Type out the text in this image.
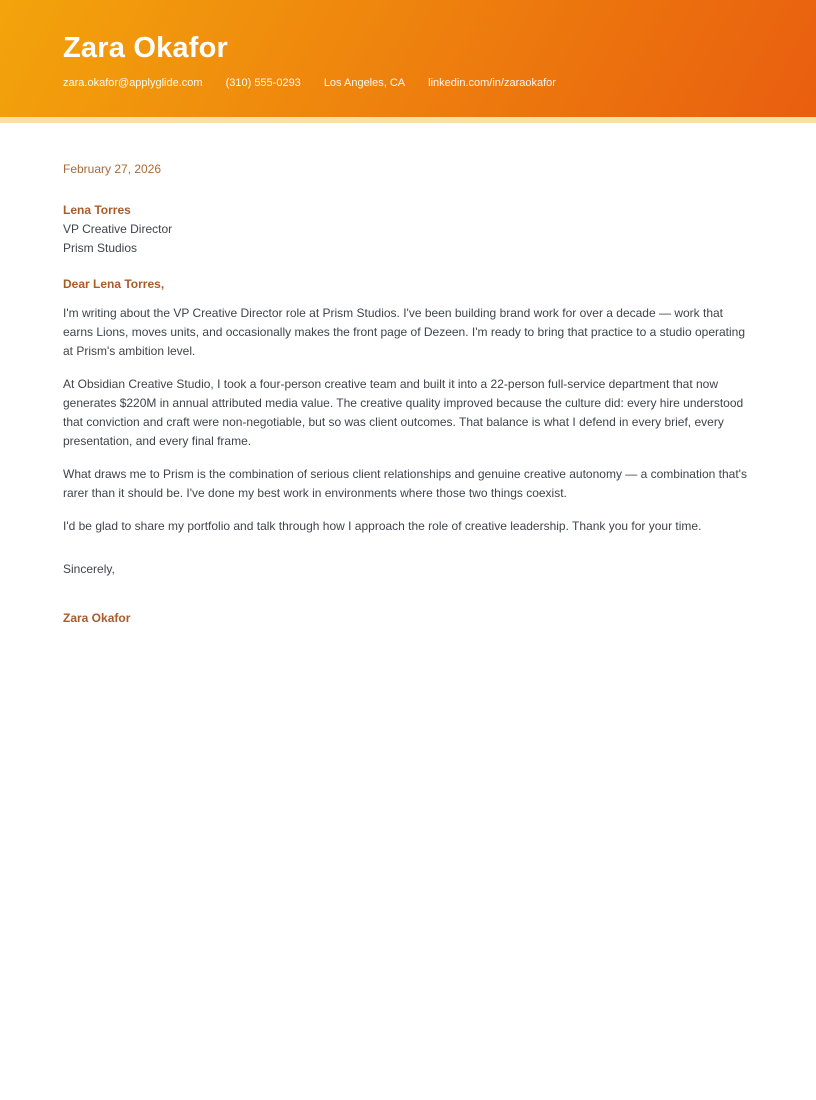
Zara Okafor
zara.okafor@applyglide.com (310) 555-0293 Los Angeles, CA linkedin.com/in/zaraokafor

February 27, 2026

Lena Torres

VP Creative Director

Prism Studios

Dear Lena Torres,

I'm writing about the VP Creative Director role at Prism Studios. I've been building brand work for over a decade — work that earns Lions, moves units, and occasionally makes the front page of Dezeen. I'm ready to bring that practice to a studio operating at Prism's ambition level.

At Obsidian Creative Studio, I took a four-person creative team and built it into a 22-person full-service department that now generates $220M in annual attributed media value. The creative quality improved because the culture did: every hire understood that conviction and craft were non-negotiable, but so was client outcomes. That balance is what I defend in every brief, every presentation, and every final frame.

What draws me to Prism is the combination of serious client relationships and genuine creative autonomy — a combination that's rarer than it should be. I've done my best work in environments where those two things coexist.

I'd be glad to share my portfolio and talk through how I approach the role of creative leadership. Thank you for your time.

Sincerely,

Zara Okafor
